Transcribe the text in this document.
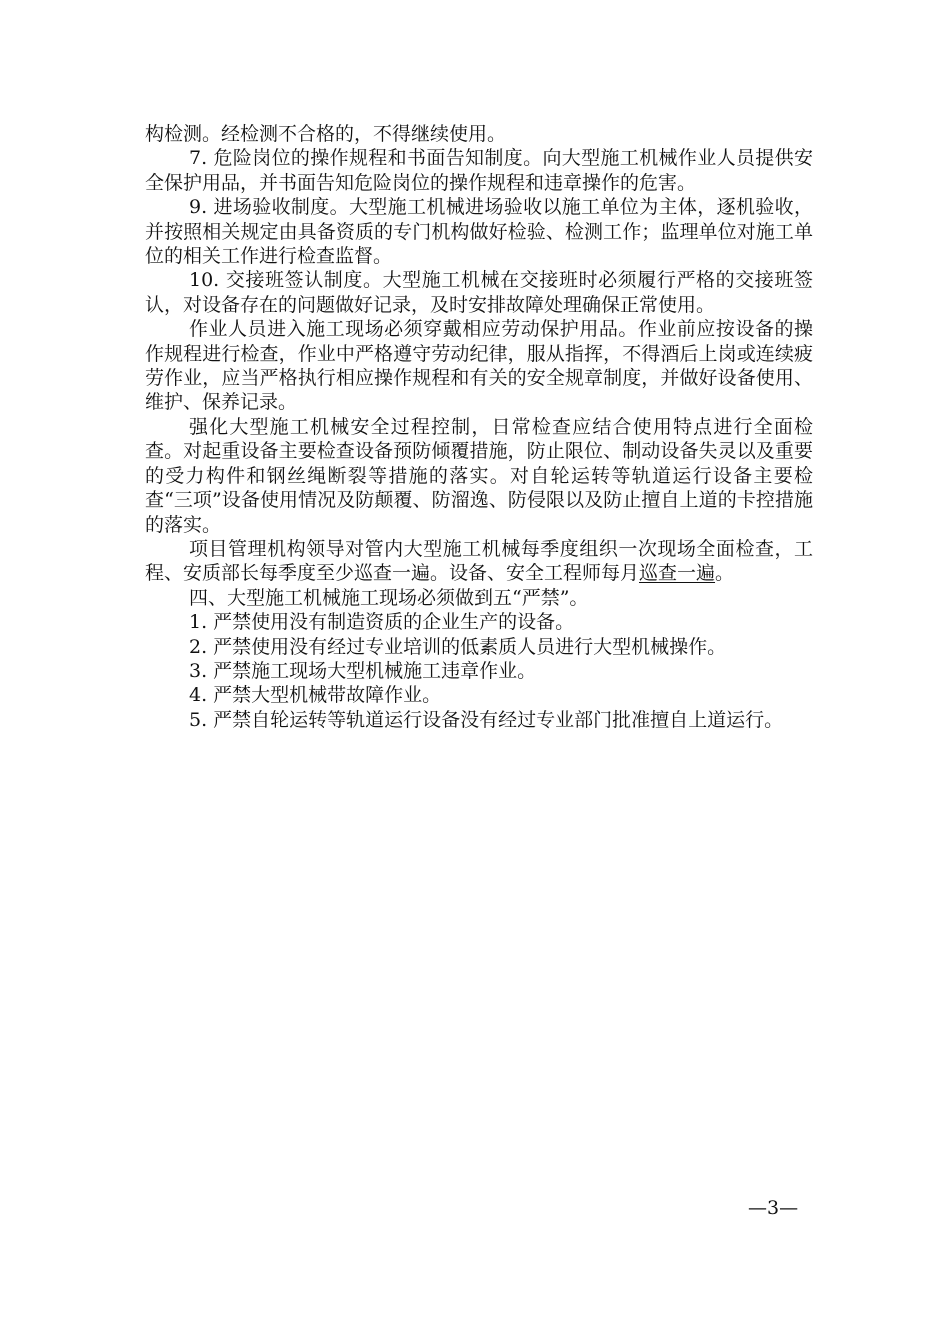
构检测。经检测不合格的，不得继续使用。

7. 危险岗位的操作规程和书面告知制度。向大型施工机械作业人员提供安全保护用品，并书面告知危险岗位的操作规程和违章操作的危害。

9. 进场验收制度。大型施工机械进场验收以施工单位为主体，逐机验收，并按照相关规定由具备资质的专门机构做好检验、检测工作；监理单位对施工单位的相关工作进行检查监督。

10. 交接班签认制度。大型施工机械在交接班时必须履行严格的交接班签认，对设备存在的问题做好记录，及时安排故障处理确保正常使用。

作业人员进入施工现场必须穿戴相应劳动保护用品。作业前应按设备的操作规程进行检查，作业中严格遵守劳动纪律，服从指挥，不得酒后上岗或连续疲劳作业，应当严格执行相应操作规程和有关的安全规章制度，并做好设备使用、维护、保养记录。

强化大型施工机械安全过程控制，日常检查应结合使用特点进行全面检查。对起重设备主要检查设备预防倾覆措施，防止限位、制动设备失灵以及重要的受力构件和钢丝绳断裂等措施的落实。对自轮运转等轨道运行设备主要检查“三项”设备使用情况及防颠覆、防溜逸、防侵限以及防止擅自上道的卡控措施的落实。

项目管理机构领导对管内大型施工机械每季度组织一次现场全面检查，工程、安质部长每季度至少巡查一遍。设备、安全工程师每月巡查一遍。

四、大型施工机械施工现场必须做到五“严禁”。

1. 严禁使用没有制造资质的企业生产的设备。

2. 严禁使用没有经过专业培训的低素质人员进行大型机械操作。

3. 严禁施工现场大型机械施工违章作业。

4. 严禁大型机械带故障作业。

5. 严禁自轮运转等轨道运行设备没有经过专业部门批准擅自上道运行。

—3—
